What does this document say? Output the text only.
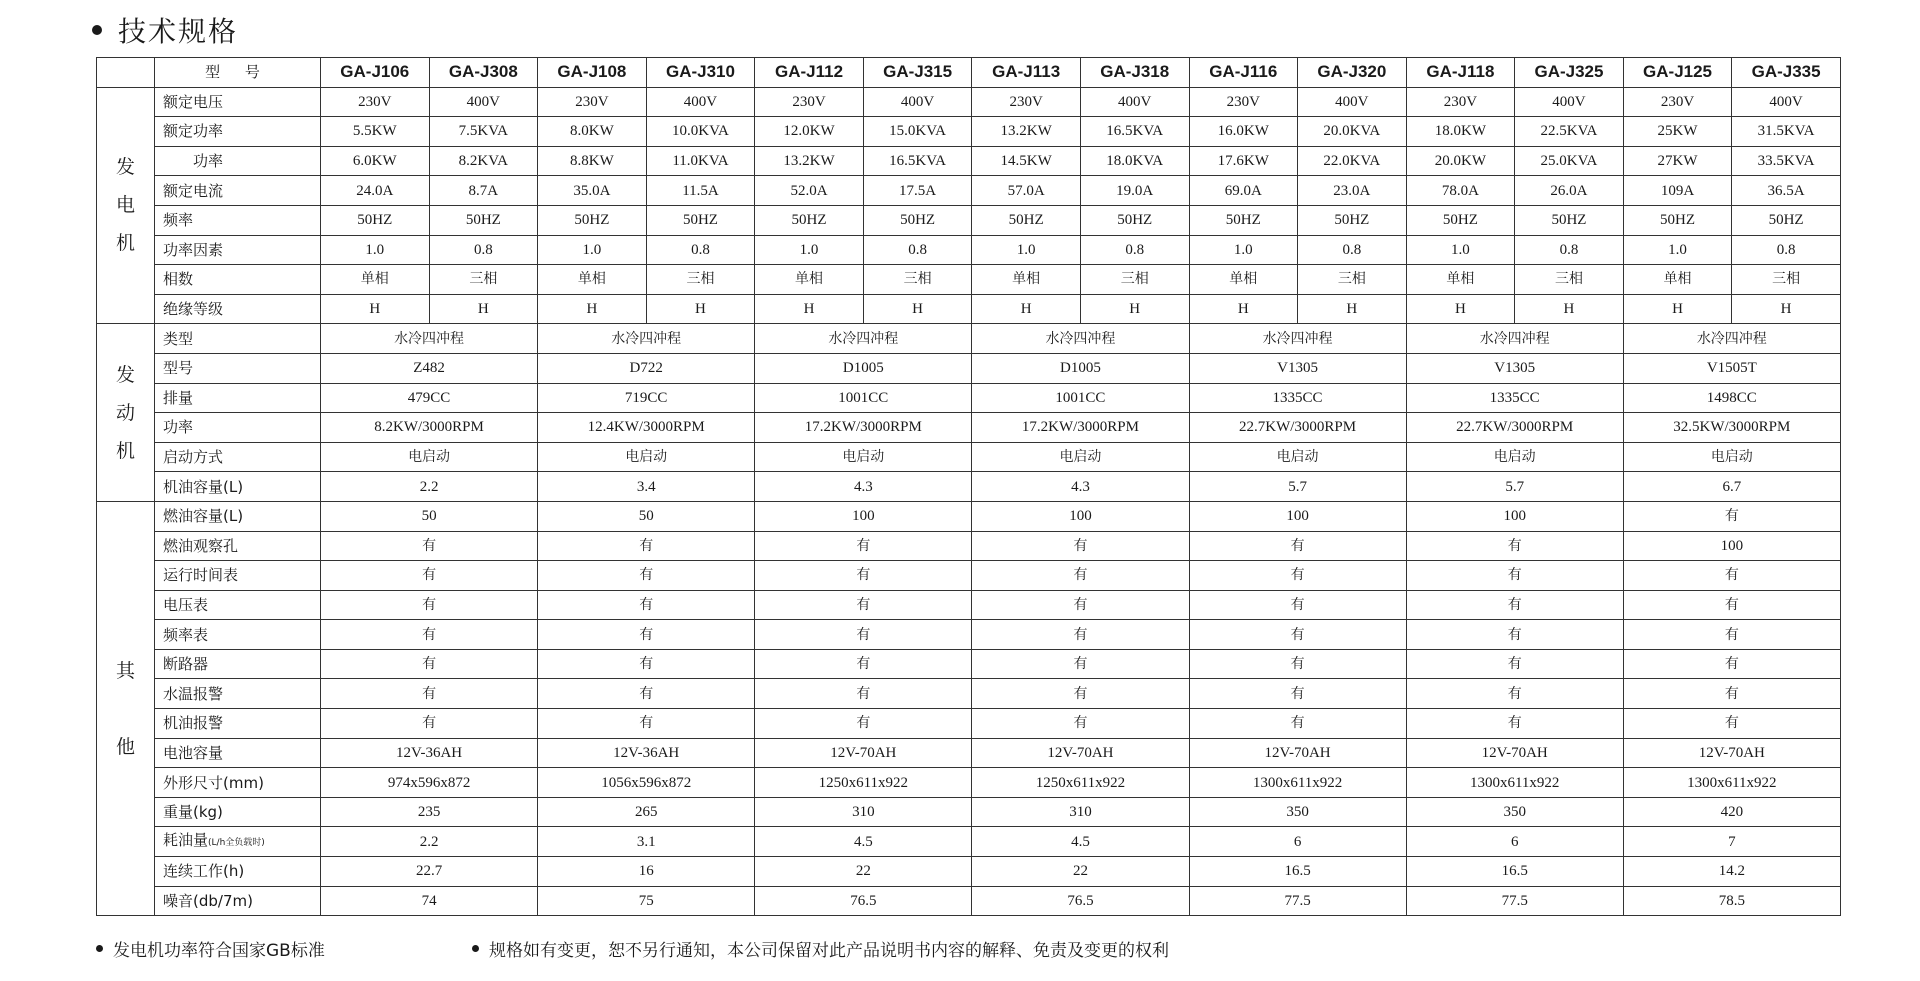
技术规格
	型 号	GA-J106	GA-J308	GA-J108	GA-J310	GA-J112	GA-J315	GA-J113	GA-J318	GA-J116	GA-J320	GA-J118	GA-J325	GA-J125	GA-J335
发
电
机	额定电压	230V	400V	230V	400V	230V	400V	230V	400V	230V	400V	230V	400V	230V	400V
	额定功率	5.5KW	7.5KVA	8.0KW	10.0KVA	12.0KW	15.0KVA	13.2KW	16.5KVA	16.0KW	20.0KVA	18.0KW	22.5KVA	25KW	31.5KVA
	功率	6.0KW	8.2KVA	8.8KW	11.0KVA	13.2KW	16.5KVA	14.5KW	18.0KVA	17.6KW	22.0KVA	20.0KW	25.0KVA	27KW	33.5KVA
	额定电流	24.0A	8.7A	35.0A	11.5A	52.0A	17.5A	57.0A	19.0A	69.0A	23.0A	78.0A	26.0A	109A	36.5A
	频率	50HZ	50HZ	50HZ	50HZ	50HZ	50HZ	50HZ	50HZ	50HZ	50HZ	50HZ	50HZ	50HZ	50HZ
	功率因素	1.0	0.8	1.0	0.8	1.0	0.8	1.0	0.8	1.0	0.8	1.0	0.8	1.0	0.8
	相数	单相	三相	单相	三相	单相	三相	单相	三相	单相	三相	单相	三相	单相	三相
	绝缘等级	H	H	H	H	H	H	H	H	H	H	H	H	H	H
发
动
机	类型	水冷四冲程		水冷四冲程		水冷四冲程		水冷四冲程		水冷四冲程		水冷四冲程		水冷四冲程	
	型号	Z482		D722		D1005		D1005		V1305		V1305		V1505T	
	排量	479CC		719CC		1001CC		1001CC		1335CC		1335CC		1498CC	
	功率	8.2KW/3000RPM		12.4KW/3000RPM		17.2KW/3000RPM		17.2KW/3000RPM		22.7KW/3000RPM		22.7KW/3000RPM		32.5KW/3000RPM	
	启动方式	电启动		电启动		电启动		电启动		电启动		电启动		电启动	
	机油容量(L)	2.2		3.4		4.3		4.3		5.7		5.7		6.7	
其

他	燃油容量(L)	50		50		100		100		100		100		有	
	燃油观察孔	有		有		有		有		有		有		100	
	运行时间表	有		有		有		有		有		有		有	
	电压表	有		有		有		有		有		有		有	
	频率表	有		有		有		有		有		有		有	
	断路器	有		有		有		有		有		有		有	
	水温报警	有		有		有		有		有		有		有	
	机油报警	有		有		有		有		有		有		有	
	电池容量	12V-36AH		12V-36AH		12V-70AH		12V-70AH		12V-70AH		12V-70AH		12V-70AH	
	外形尺寸(mm)	974x596x872		1056x596x872		1250x611x922		1250x611x922		1300x611x922		1300x611x922		1300x611x922	
	重量(kg)	235		265		310		310		350		350		420	
	耗油量(L/h全负载时)	2.2		3.1		4.5		4.5		6		6		7	
	连续工作(h)	22.7		16		22		22		16.5		16.5		14.2	
	噪音(db/7m)	74		75		76.5		76.5		77.5		77.5		78.5	
发电机功率符合国家GB标准	规格如有变更，恕不另行通知，本公司保留对此产品说明书内容的解释、免责及变更的权利
